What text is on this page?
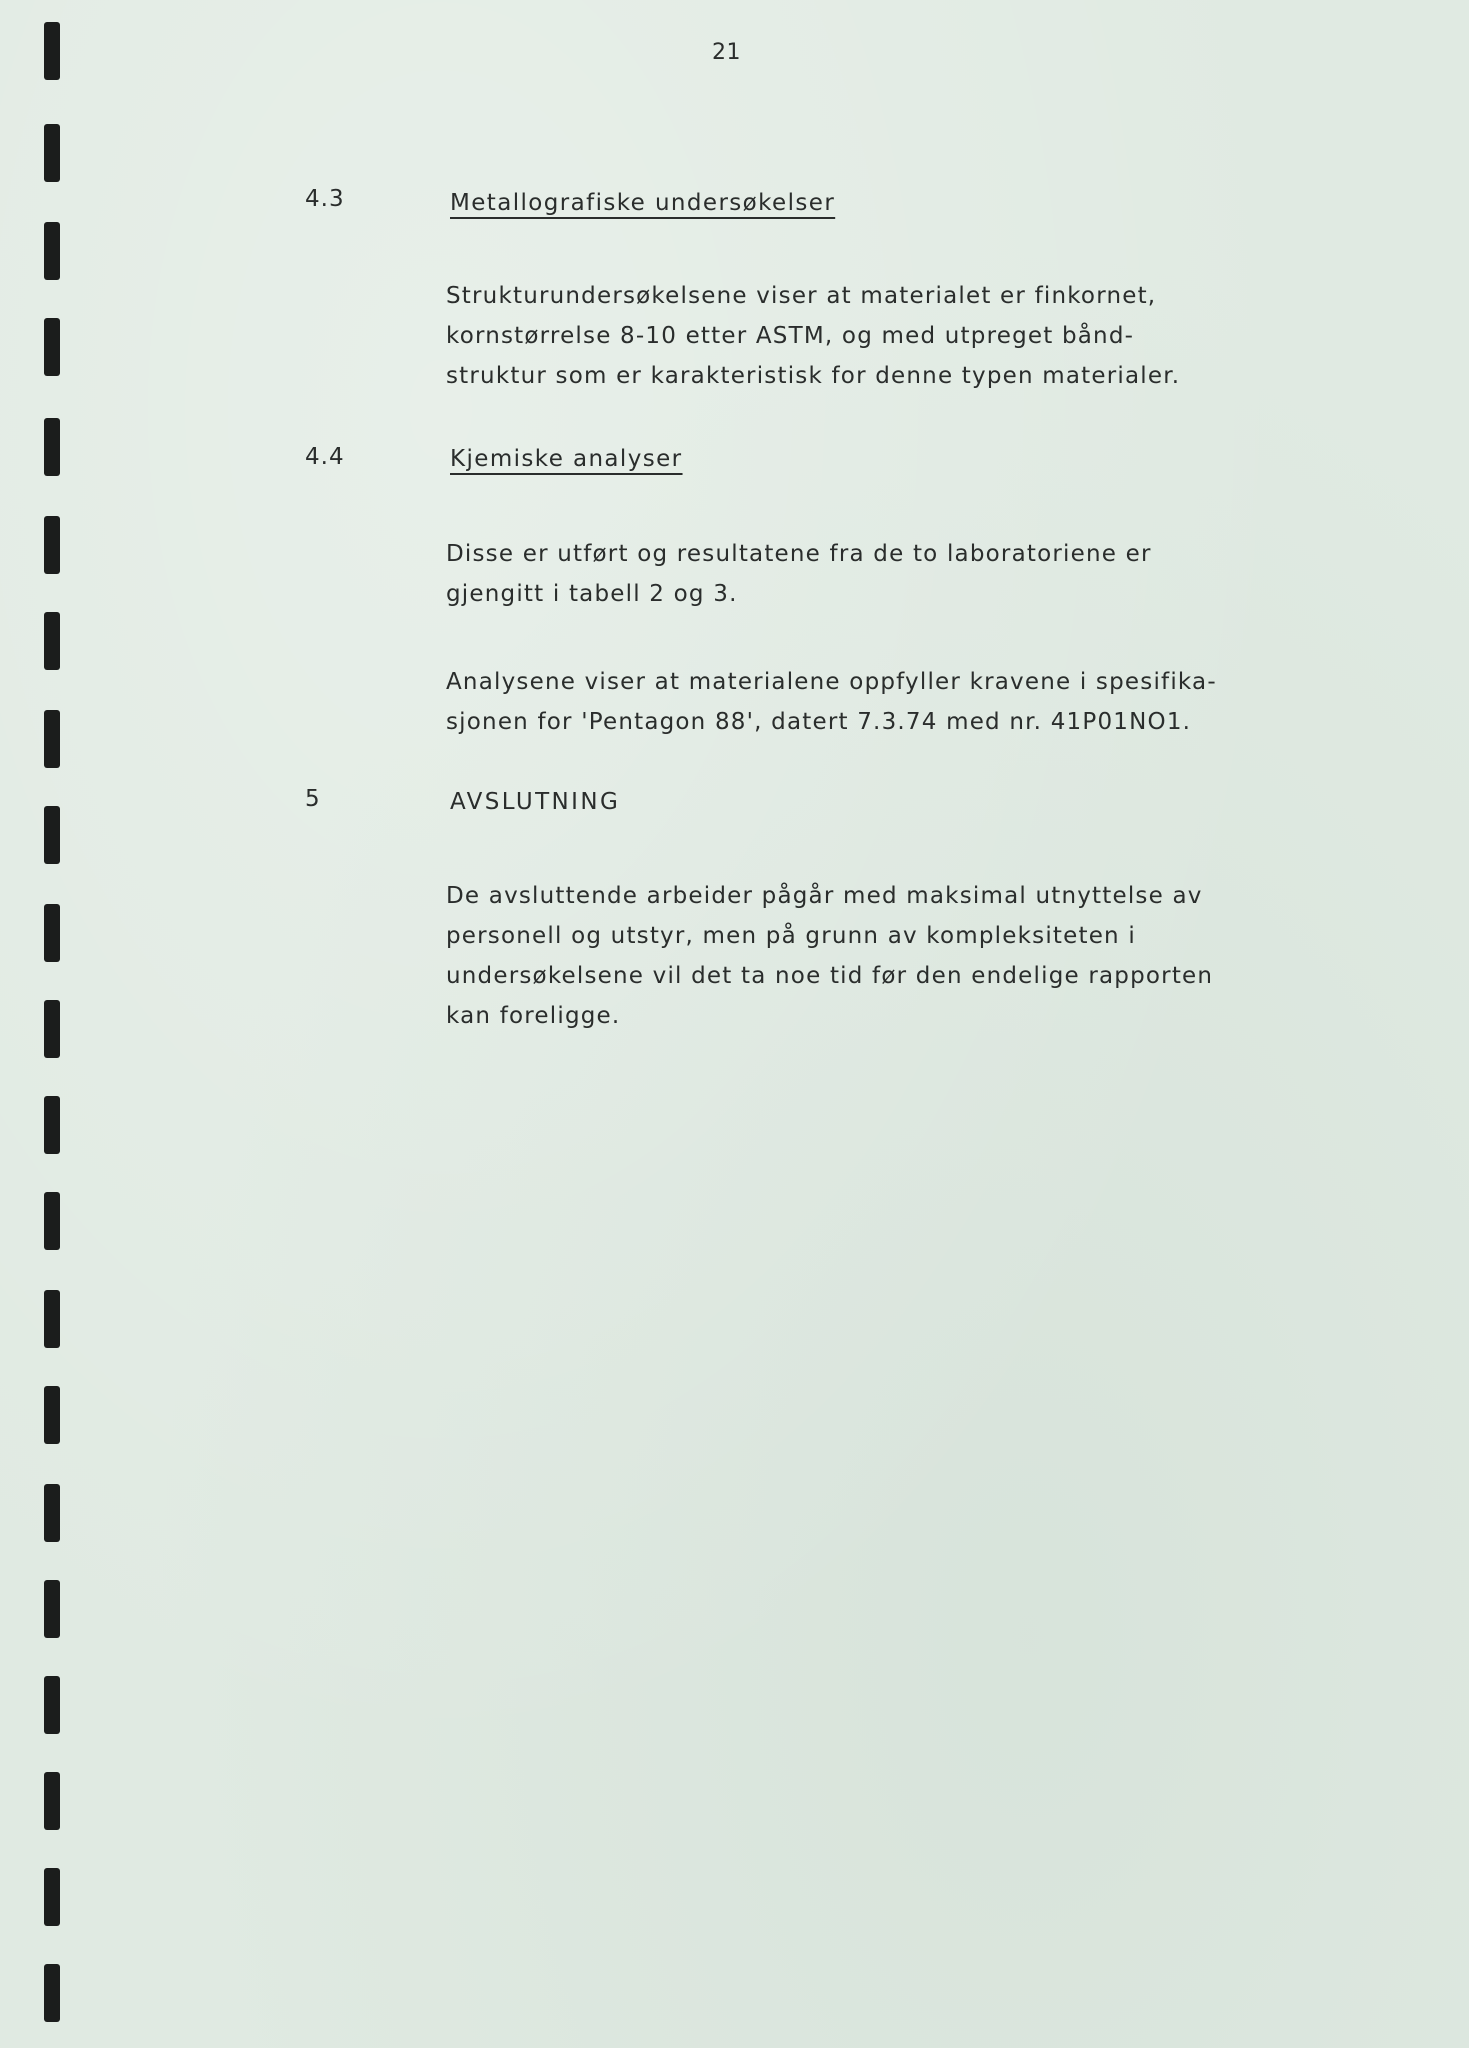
21
4.3	Metallografiske undersøkelser
Strukturundersøkelsene viser at materialet er finkornet,
kornstørrelse 8-10 etter ASTM, og med utpreget bånd-
struktur som er karakteristisk for denne typen materialer.
4.4	Kjemiske analyser
Disse er utført og resultatene fra de to laboratoriene er
gjengitt i tabell 2 og 3.
Analysene viser at materialene oppfyller kravene i spesifika-
sjonen for 'Pentagon 88', datert 7.3.74 med nr. 41P01NO1.
5	AVSLUTNING
De avsluttende arbeider pågår med maksimal utnyttelse av
personell og utstyr, men på grunn av kompleksiteten i
undersøkelsene vil det ta noe tid før den endelige rapporten
kan foreligge.
